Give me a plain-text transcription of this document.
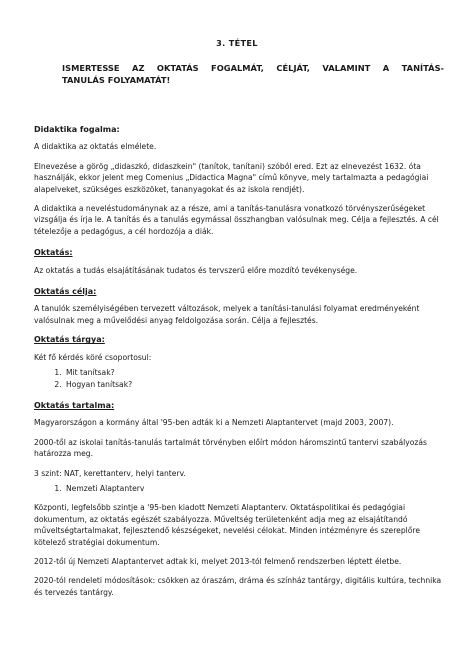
3. TÉTEL
ISMERTESSE AZ OKTATÁS FOGALMÁT, CÉLJÁT, VALAMINT A TANÍTÁS-
TANULÁS FOLYAMATÁT!

Didaktika fogalma:

A didaktika az oktatás elmélete.

Elnevezése a görög „didaszkó, didaszkein" (tanítok, tanítani) szóból ered. Ezt az elnevezést 1632. óta használják, ekkor jelent meg Comenius „Didactica Magna" című könyve, mely tartalmazta a pedagógiai alapelveket, szükséges eszközöket, tananyagokat és az iskola rendjét).

A didaktika a neveléstudománynak az a része, ami a tanítás-tanulásra vonatkozó törvényszerűségeket vizsgálja és írja le. A tanítás és a tanulás egymással összhangban valósulnak meg. Célja a fejlesztés. A cél tételezője a pedagógus, a cél hordozója a diák.

Oktatás:

Az oktatás a tudás elsajátításának tudatos és tervszerű előre mozdító tevékenysége.

Oktatás célja:

A tanulók személyiségében tervezett változások, melyek a tanítási-tanulási folyamat eredményeként valósulnak meg a művelődési anyag feldolgozása során. Célja a fejlesztés.

Oktatás tárgya:

Két fő kérdés köré csoportosul:

1. Mit tanítsak?
2. Hogyan tanítsak?

Oktatás tartalma:

Magyarországon a kormány által '95-ben adták ki a Nemzeti Alaptantervet (majd 2003, 2007).

2000-től az iskolai tanítás-tanulás tartalmát törvényben előírt módon háromszintű tantervi szabályozás határozza meg.

3 szint: NAT, kerettanterv, helyi tanterv.

1. Nemzeti Alaptanterv

Központi, legfelsőbb szintje a '95-ben kiadott Nemzeti Alaptanterv. Oktatáspolitikai és pedagógiai dokumentum, az oktatás egészét szabályozza. Műveltség területenként adja meg az elsajátítandó műveltségtartalmakat, fejlesztendő készségeket, nevelési célokat. Minden intézményre és szereplőre kötelező stratégiai dokumentum.

2012-től új Nemzeti Alaptantervet adtak ki, melyet 2013-tól felmenő rendszerben léptett életbe.

2020-tól rendeleti módosítások: csökken az óraszám, dráma és színház tantárgy, digitális kultúra, technika és tervezés tantárgy.
